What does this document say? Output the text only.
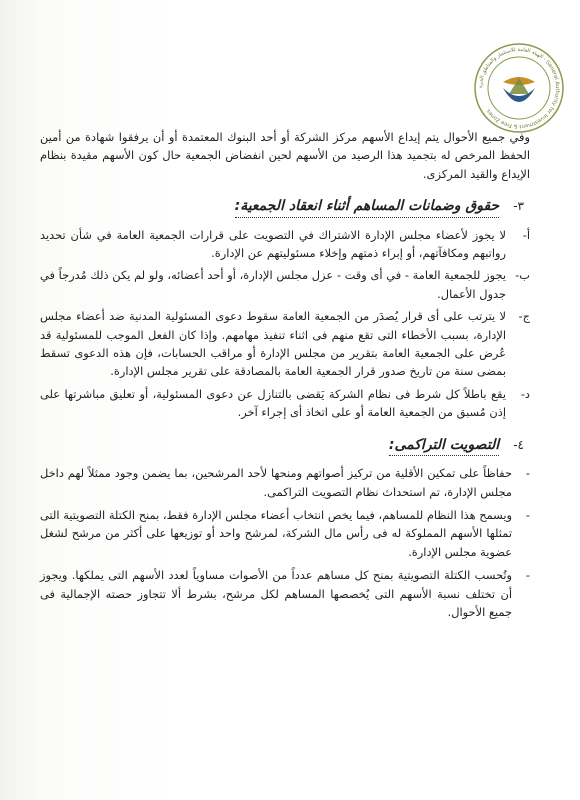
الهيئة العامة للاستثمار والمناطق الحرة - General Authority for Investment & Free Zones

وفي جميع الأحوال يتم إيداع الأسهم مركز الشركة أو أحد البنوك المعتمدة أو أن يرفقوا شهادة من أمين الحفظ المرخص له بتجميد هذا الرصيد من الأسهم لحين انفضاض الجمعية حال كون الأسهم مقيدة بنظام الإيداع والقيد المركزى.

٣-
حقوق وضمانات المساهم أثناء انعقاد الجمعية:
أ-
لا يجوز لأعضاء مجلس الإدارة الاشتراك في التصويت على قرارات الجمعية العامة في شأن تحديد رواتبهم ومكافآتهم، أو إبراء ذمتهم وإخلاء مسئوليتهم عن الإدارة.
ب-
يجوز للجمعية العامة - في أى وقت - عزل مجلس الإدارة، أو أحد أعضائه، ولو لم يكن ذلك مُدرجاً في جدول الأعمال.
ج-
لا يترتب على أى قرار يُصدَر من الجمعية العامة سقوط دعوى المسئولية المدنية ضد أعضاء مجلس الإدارة، بسبب الأخطاء التى تقع منهم فى اثناء تنفيذ مهامهم. وإذا كان الفعل الموجب للمسئولية قد عُرض على الجمعية العامة بتقرير من مجلس الإدارة أو مراقب الحسابات، فإن هذه الدعوى تسقط بمضى سنة من تاريخ صدور قرار الجمعية العامة بالمصادقة على تقرير مجلس الإدارة.
د-
يقع باطلاً كل شرط فى نظام الشركة يَقضى بالتنازل عن دعوى المسئولية، أو تعليق مباشرتها على إذن مُسبق من الجمعية العامة أو على اتخاذ أى إجراء آخر.
٤-
التصويت التراكمى:
-
حفاظاً على تمكين الأقلية من تركيز أصواتهم ومنحها لأحد المرشحين، بما يضمن وجود ممثلاً لهم داخل مجلس الإدارة، تم استحداث نظام التصويت التراكمى.
-
ويسمح هذا النظام للمساهم، فيما يخص انتخاب أعضاء مجلس الإدارة فقط، بمنح الكتلة التصويتية التى تمثلها الأسهم المملوكة له فى رأس مال الشركة، لمرشح واحد أو توزيعها على أكثر من مرشح لشغل عضوية مجلس الإدارة.
-
وتُحسب الكتلة التصويتية بمنح كل مساهم عدداً من الأصوات مساوياً لعدد الأسهم التى يملكها. ويجوز أن تختلف نسبة الأسهم التى يُخصصها المساهم لكل مرشح، بشرط ألا تتجاوز حصته الإجمالية فى جميع الأحوال.
